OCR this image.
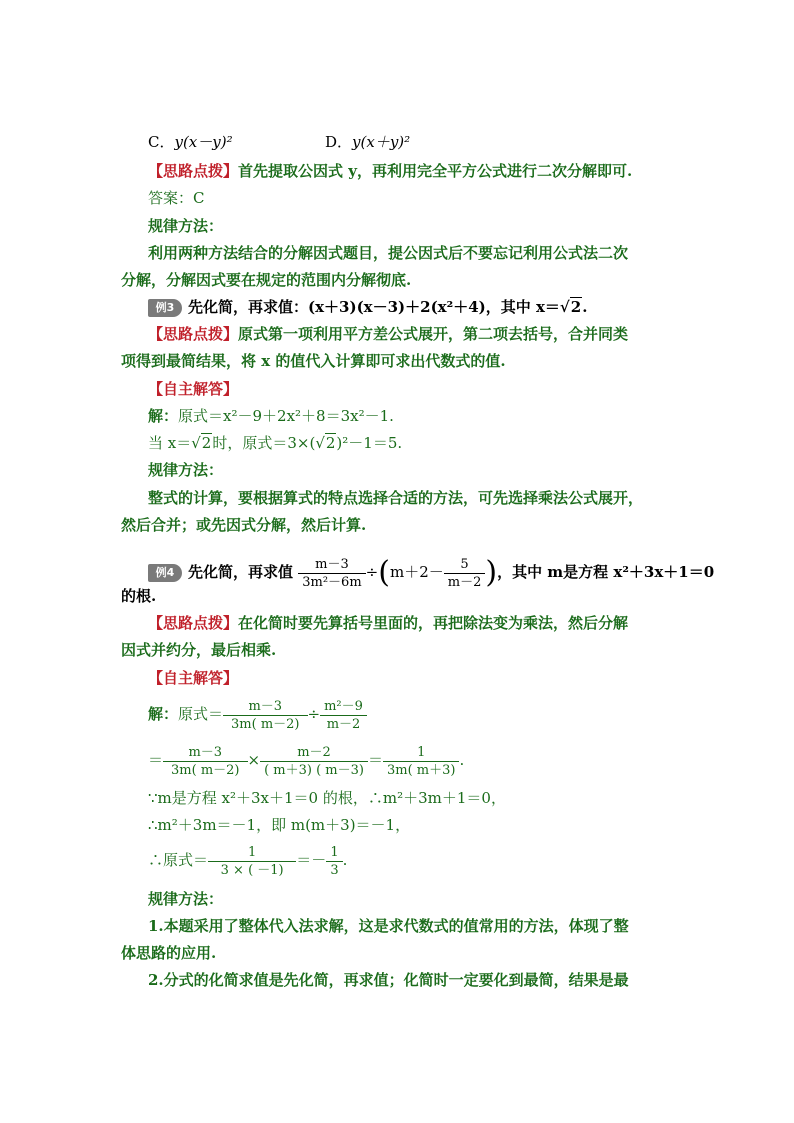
C．y(x－y)²	D．y(x＋y)²
【思路点拨】首先提取公因式 y，再利用完全平方公式进行二次分解即可.
答案：C
规律方法：
利用两种方法结合的分解因式题目，提公因式后不要忘记利用公式法二次
分解，分解因式要在规定的范围内分解彻底.
例3 先化简，再求值：(x＋3)(x－3)＋2(x²＋4)，其中 x＝√2.
【思路点拨】原式第一项利用平方差公式展开，第二项去括号，合并同类
项得到最简结果，将 x 的值代入计算即可求出代数式的值.
【自主解答】
解：原式＝x²－9＋2x²＋8＝3x²－1.
当 x＝√2时，原式＝3×(√2)²－1＝5.
规律方法：
整式的计算，要根据算式的特点选择合适的方法，可先选择乘法公式展开，
然后合并；或先因式分解，然后计算.
例4 先化简，再求值 $\frac{m-3}{\text{3m²－6m}} \div(m+2- \frac{5}{m-2}$ )，其中 m是方程 x²＋3x＋1＝0
的根.
【思路点拨】在化简时要先算括号里面的，再把除法变为乘法，然后分解
因式并约分，最后相乘.
【自主解答】
解：原式＝ $\frac{m-3}{3m( m-2)} \div \frac{\text{m²－9}}{m-2}$
＝ $\frac{m-3}{3m( m-2)} \times \frac{m-2}{( m+3) ( m-3)} = \frac{1}{3m( m+3)}$ .
∵m是方程 x²＋3x＋1＝0 的根，∴m²＋3m＋1＝0，
∴m²＋3m＝－1，即 m(m＋3)＝－1，
∴原式＝ $\frac{1}{3 \times ( -1)} =- \frac{1}{3}$ .
规律方法：
1.本题采用了整体代入法求解，这是求代数式的值常用的方法，体现了整
体思路的应用.
2.分式的化简求值是先化简，再求值；化简时一定要化到最简，结果是最
